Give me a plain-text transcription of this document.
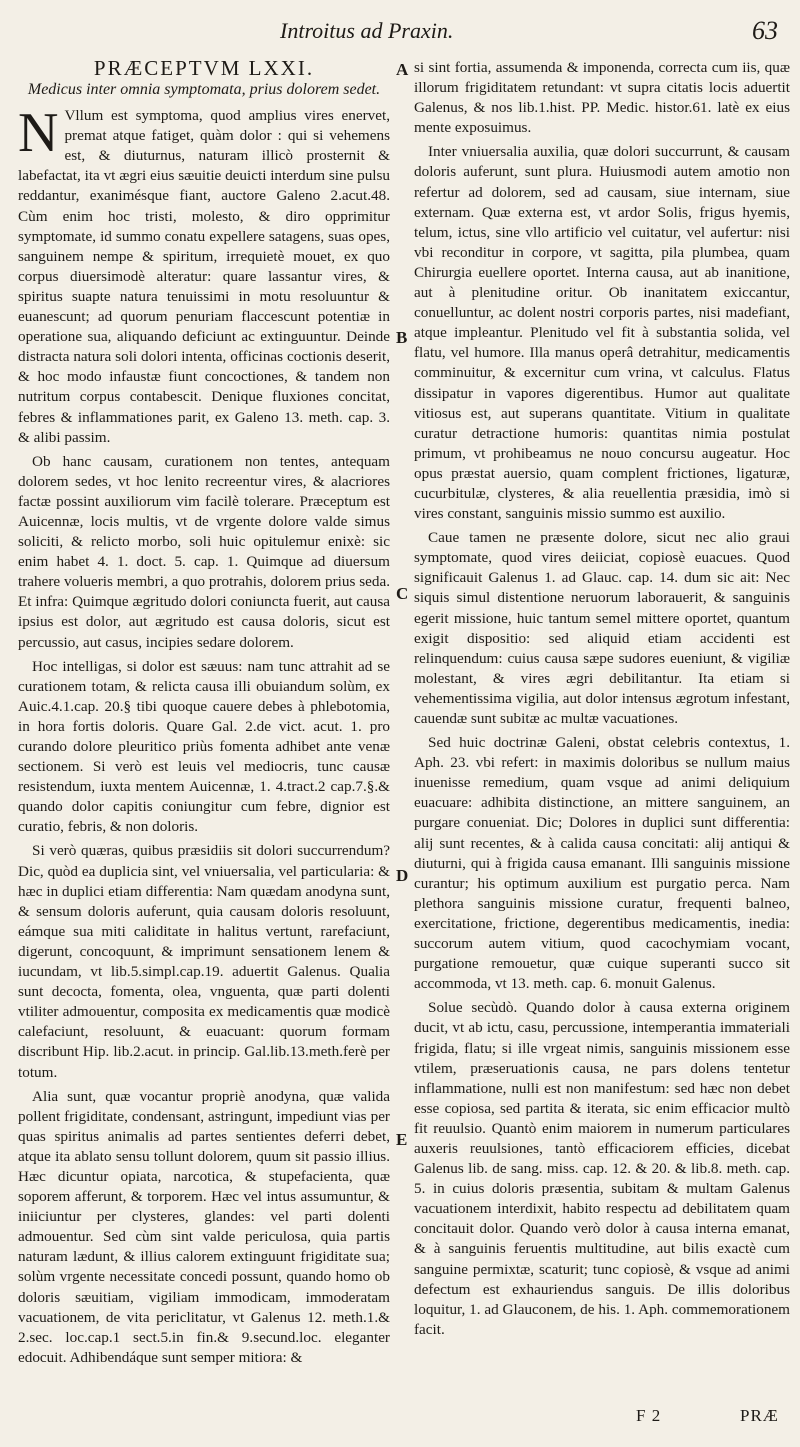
Introitus ad Praxin.	63
PRÆCEPTVM LXXI.
Medicus inter omnia symptomata, prius dolorem sedet.

N Vllum est symptoma, quod amplius vires enervet, premat atque fatiget, quàm dolor : qui si vehemens est, & diuturnus, naturam illicò prosternit & labefactat, ita vt ægri eius sæuitie deuicti interdum sine pulsu reddantur, exanimésque fiant, auctore Galeno 2.acut.48. Cùm enim hoc tristi, molesto, & diro opprimitur symptomate, id summo conatu expellere satagens, suas opes, sanguinem nempe & spiritum, irrequietè mouet, ex quo corpus diuersimodè alteratur: quare lassantur vires, & spiritus suapte natura tenuissimi in motu resoluuntur & euanescunt; ad quorum penuriam flaccescunt potentiæ in operatione sua, aliquando deficiunt ac extinguuntur. Deinde distracta natura soli dolori intenta, officinas coctionis deserit, & hoc modo infaustæ fiunt concoctiones, & tandem non nutritum corpus contabescit. Denique fluxiones concitat, febres & inflammationes parit, ex Galeno 13. meth. cap. 3. & alibi passim.

Ob hanc causam, curationem non tentes, antequam dolorem sedes, vt hoc lenito recreentur vires, & alacriores factæ possint auxiliorum vim facilè tolerare. Præceptum est Auicennæ, locis multis, vt de vrgente dolore valde simus soliciti, & relicto morbo, soli huic opitulemur enixè: sic enim habet 4. 1. doct. 5. cap. 1. Quimque ad diuersum trahere volueris membri, a quo protrahis, dolorem prius seda. Et infra: Quimque ægritudo dolori coniuncta fuerit, aut causa ipsius est dolor, aut ægritudo est causa doloris, sicut est percussio, aut casus, incipies sedare dolorem.

Hoc intelligas, si dolor est sæuus: nam tunc attrahit ad se curationem totam, & relicta causa illi obuiandum solùm, ex Auic.4.1.cap. 20.§ tibi quoque cauere debes à phlebotomia, in hora fortis doloris. Quare Gal. 2.de vict. acut. 1. pro curando dolore pleuritico priùs fomenta adhibet ante venæ sectionem. Si verò est leuis vel mediocris, tunc causæ resistendum, iuxta mentem Auicennæ, 1. 4.tract.2 cap.7.§.& quando dolor capitis coniungitur cum febre, dignior est curatio, febris, & non doloris.

Si verò quæras, quibus præsidiis sit dolori succurrendum? Dic, quòd ea duplicia sint, vel vniuersalia, vel particularia: & hæc in duplici etiam differentia: Nam quædam anodyna sunt, & sensum doloris auferunt, quia causam doloris resoluunt, eámque sua miti caliditate in halitus vertunt, rarefaciunt, digerunt, concoquunt, & imprimunt sensationem lenem & iucundam, vt lib.5.simpl.cap.19. aduertit Galenus. Qualia sunt decocta, fomenta, olea, vnguenta, quæ parti dolenti vtiliter admouentur, composita ex medicamentis quæ modicè calefaciunt, resoluunt, & euacuant: quorum formam discribunt Hip. lib.2.acut. in princip. Gal.lib.13.meth.ferè per totum.

Alia sunt, quæ vocantur propriè anodyna, quæ valida pollent frigiditate, condensant, astringunt, impediunt vias per quas spiritus animalis ad partes sentientes deferri debet, atque ita ablato sensu tollunt dolorem, quum sit passio illius. Hæc dicuntur opiata, narcotica, & stupefacienta, quæ soporem afferunt, & torporem. Hæc vel intus assumuntur, & iniiciuntur per clysteres, glandes: vel parti dolenti admouentur. Sed cùm sint valde periculosa, quia partis naturam lædunt, & illius calorem extinguunt frigiditate sua; solùm vrgente necessitate concedi possunt, quando homo ob doloris sæuitiam, vigiliam immodicam, immoderatam vacuationem, de vita periclitatur, vt Galenus 12. meth.1.& 2.sec. loc.cap.1 sect.5.in fin.& 9.secund.loc. eleganter edocuit. Adhibendáque sunt semper mitiora: &

A
B
C
D
E

si sint fortia, assumenda & imponenda, correcta cum iis, quæ illorum frigiditatem retundant: vt supra citatis locis aduertit Galenus, & nos lib.1.hist. PP. Medic. histor.61. latè ex eius mente exposuimus.

Inter vniuersalia auxilia, quæ dolori succurrunt, & causam doloris auferunt, sunt plura. Huiusmodi autem amotio non refertur ad dolorem, sed ad causam, siue internam, siue externam. Quæ externa est, vt ardor Solis, frigus hyemis, telum, ictus, sine vllo artificio vel cuitatur, vel aufertur: nisi vbi reconditur in corpore, vt sagitta, pila plumbea, quam Chirurgia euellere oportet. Interna causa, aut ab inanitione, aut à plenitudine oritur. Ob inanitatem exiccantur, conuelluntur, ac dolent nostri corporis partes, nisi madefiant, atque impleantur. Plenitudo vel fit à substantia solida, vel flatu, vel humore. Illa manus operâ detrahitur, medicamentis comminuitur, & excernitur cum vrina, vt calculus. Flatus dissipatur in vapores digerentibus. Humor aut qualitate vitiosus est, aut superans quantitate. Vitium in qualitate curatur detractione humoris: quantitas nimia postulat primum, vt prohibeamus ne nouo concursu augeatur. Hoc opus præstat auersio, quam complent frictiones, ligaturæ, cucurbitulæ, clysteres, & alia reuellentia præsidia, imò si vires constant, sanguinis missio summo est auxilio.

Caue tamen ne præsente dolore, sicut nec alio graui symptomate, quod vires deiiciat, copiosè euacues. Quod significauit Galenus 1. ad Glauc. cap. 14. dum sic ait: Nec siquis simul distentione neruorum laborauerit, & sanguinis egerit missione, huic tantum semel mittere oportet, quantum exigit dispositio: sed aliquid etiam accidenti est relinquendum: cuius causa sæpe sudores eueniunt, & vigiliæ molestant, & vires ægri debilitantur. Ita etiam si vehementissima vigilia, aut dolor intensus ægrotum infestant, cauendæ sunt subitæ ac multæ vacuationes.

Sed huic doctrinæ Galeni, obstat celebris contextus, 1. Aph. 23. vbi refert: in maximis doloribus se nullum maius inuenisse remedium, quam vsque ad animi deliquium euacuare: adhibita distinctione, an mittere sanguinem, an purgare conueniat. Dic; Dolores in duplici sunt differentia: alij sunt recentes, & à calida causa concitati: alij antiqui & diuturni, qui à frigida causa emanant. Illi sanguinis missione curantur; his optimum auxilium est purgatio perca. Nam plethora sanguinis missione curatur, frequenti balneo, exercitatione, frictione, degerentibus medicamentis, inedia: succorum autem vitium, quod cacochymiam vocant, purgatione remouetur, quæ cuique superanti succo sit accommoda, vt 13. meth. cap. 6. monuit Galenus.

Solue secùdò. Quando dolor à causa externa originem ducit, vt ab ictu, casu, percussione, intemperantia immateriali frigida, flatu; si ille vrgeat nimis, sanguinis missionem esse vtilem, præseruationis causa, ne pars dolens tentetur inflammatione, nulli est non manifestum: sed hæc non debet esse copiosa, sed partita & iterata, sic enim efficacior multò fit reuulsio. Quantò enim maiorem in numerum particulares auxeris reuulsiones, tantò efficaciorem efficies, dicebat Galenus lib. de sang. miss. cap. 12. & 20. & lib.8. meth. cap. 5. in cuius doloris præsentia, subitam & multam Galenus vacuationem interdixit, habito respectu ad debilitatem quam concitauit dolor. Quando verò dolor à causa interna emanat, & à sanguinis feruentis multitudine, aut bilis exactè cum sanguine permixtæ, scaturit; tunc copiosè, & vsque ad animi defectum est exhauriendus sanguis. De illis doloribus loquitur, 1. ad Glauconem, de his. 1. Aph. commemorationem facit.

F 2	PRÆ
